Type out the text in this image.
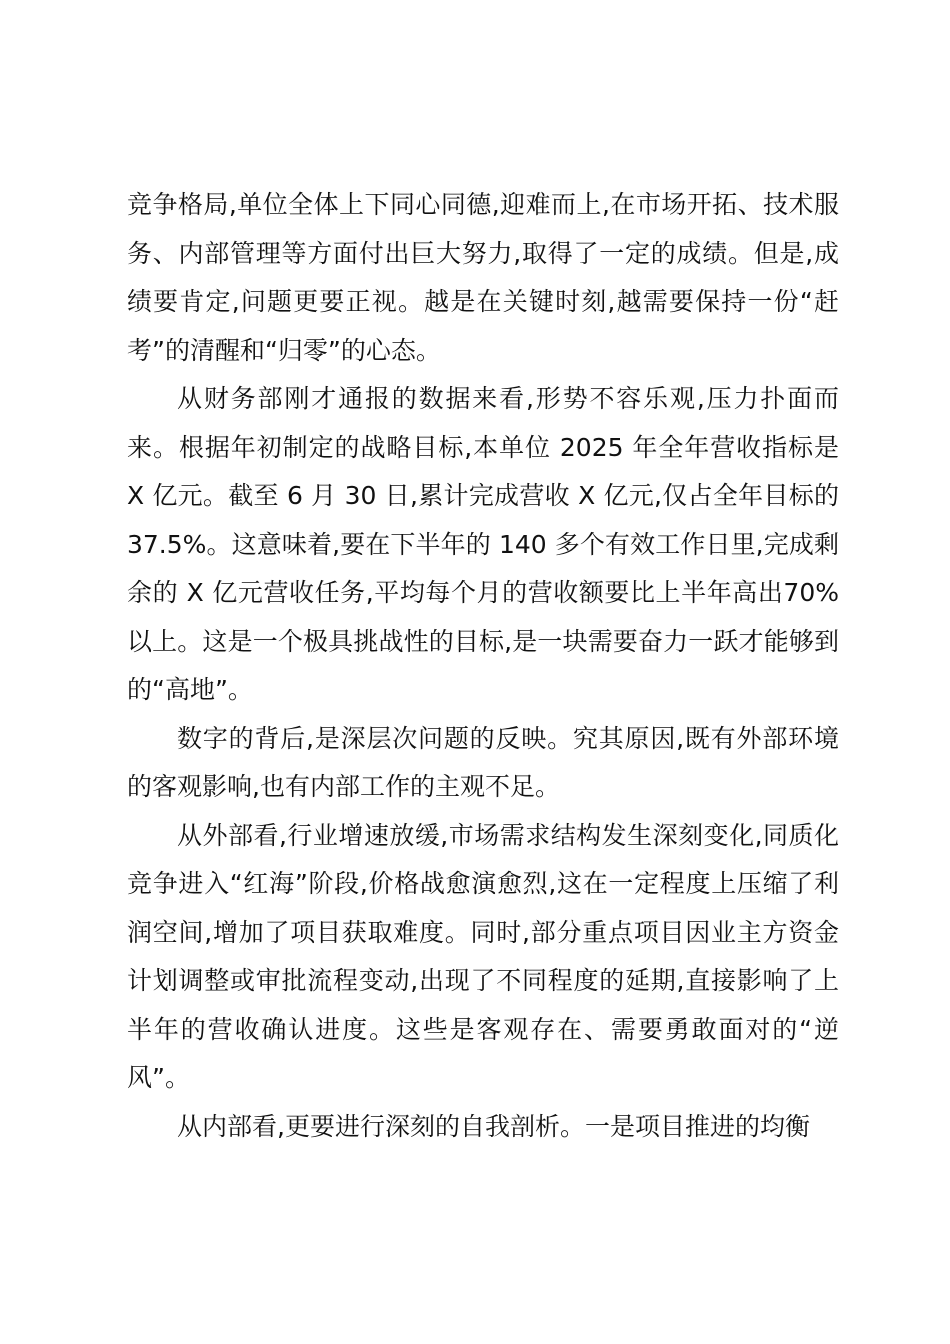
竞争格局,单位全体上下同心同德,迎难而上,在市场开拓、技术服务、内部管理等方面付出巨大努力,取得了一定的成绩。但是,成绩要肯定,问题更要正视。越是在关键时刻,越需要保持一份“赶考”的清醒和“归零”的心态。

从财务部刚才通报的数据来看,形势不容乐观,压力扑面而来。根据年初制定的战略目标,本单位 2025 年全年营收指标是 X 亿元。截至 6 月 30 日,累计完成营收 X 亿元,仅占全年目标的37.5%。这意味着,要在下半年的 140 多个有效工作日里,完成剩余的 X 亿元营收任务,平均每个月的营收额要比上半年高出70%以上。这是一个极具挑战性的目标,是一块需要奋力一跃才能够到的“高地”。

数字的背后,是深层次问题的反映。究其原因,既有外部环境的客观影响,也有内部工作的主观不足。

从外部看,行业增速放缓,市场需求结构发生深刻变化,同质化竞争进入“红海”阶段,价格战愈演愈烈,这在一定程度上压缩了利润空间,增加了项目获取难度。同时,部分重点项目因业主方资金计划调整或审批流程变动,出现了不同程度的延期,直接影响了上半年的营收确认进度。这些是客观存在、需要勇敢面对的“逆风”。

从内部看,更要进行深刻的自我剖析。一是项目推进的均衡
